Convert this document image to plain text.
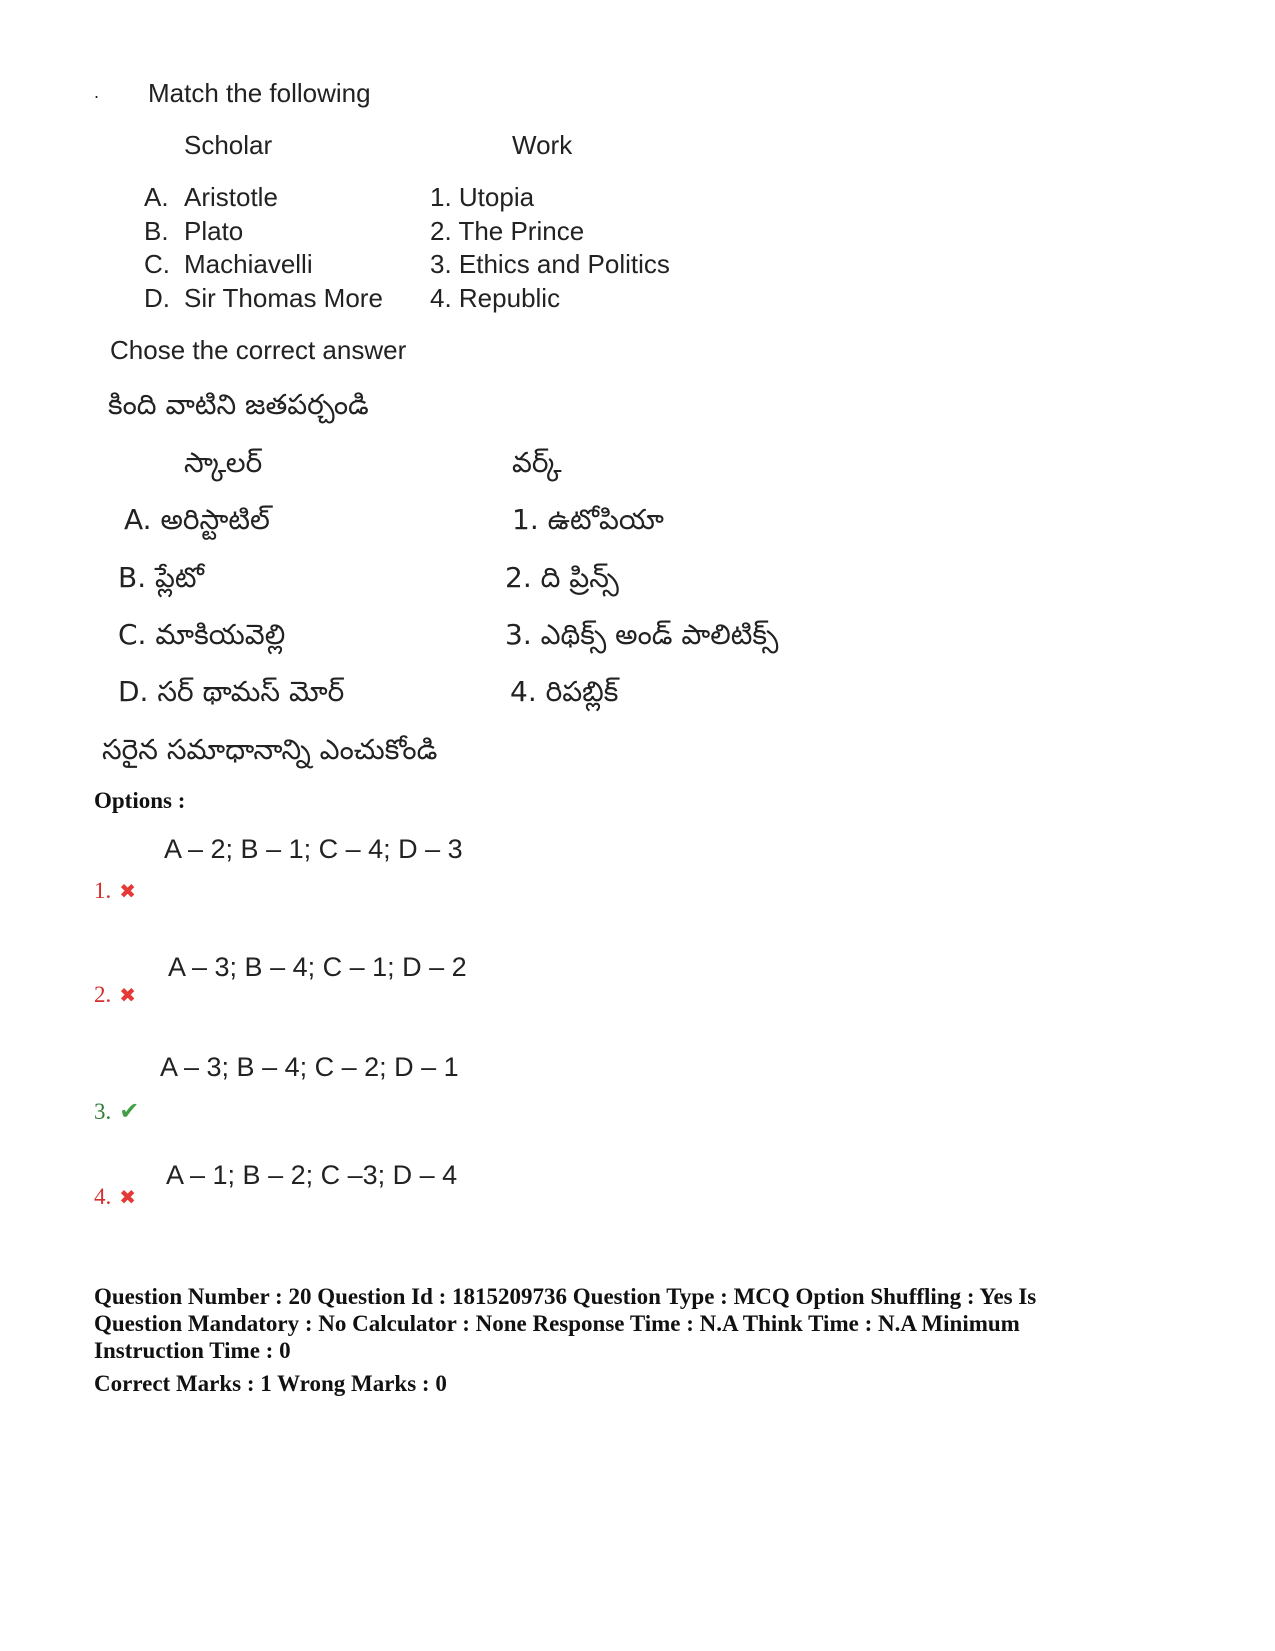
. Match the following
Scholar	Work
A. Aristotle	1. Utopia
B. Plato	2. The Prince
C. Machiavelli	3. Ethics and Politics
D. Sir Thomas More 4. Republic
Chose the correct answer
కింది వాటిని జతపర్చండి
స్కాలర్	వర్క్
A. అరిస్టాటిల్	1. ఉటోపియా
B. ప్లేటో	2. ది ప్రిన్స్
C. మాకియవెల్లి	3. ఎథిక్స్ అండ్ పాలిటిక్స్
D. సర్ థామస్ మోర్	4. రిపబ్లిక్
సరైన సమాధానాన్ని ఎంచుకోండి
Options :
A – 2; B – 1; C – 4; D – 3
1. ✖
A – 3; B – 4; C – 1; D – 2
2. ✖
A – 3; B – 4; C – 2; D – 1
3. ✔
A – 1; B – 2; C –3; D – 4
4. ✖
Question Number : 20 Question Id : 1815209736 Question Type : MCQ Option Shuffling : Yes Is
Question Mandatory : No Calculator : None Response Time : N.A Think Time : N.A Minimum
Instruction Time : 0
Correct Marks : 1 Wrong Marks : 0
